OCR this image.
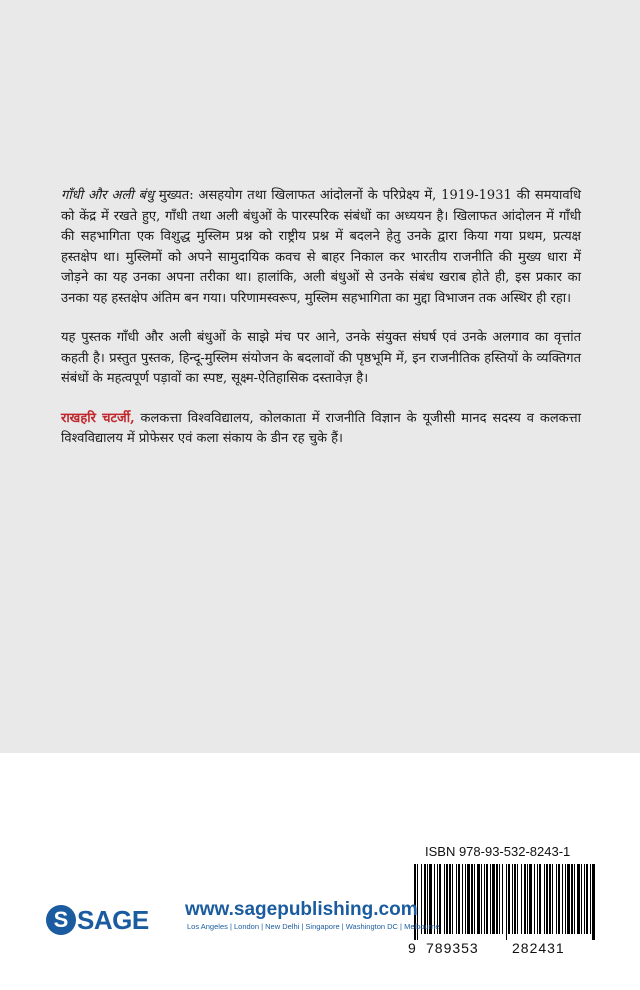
गाँधी और अली बंधु मुख्यत: असहयोग तथा खिलाफत आंदोलनों के परिप्रेक्ष्य में, 1919-1931 की समयावधि को केंद्र में रखते हुए, गाँधी तथा अली बंधुओं के पारस्परिक संबंधों का अध्ययन है। खिलाफत आंदोलन में गाँधी की सहभागिता एक विशुद्ध मुस्लिम प्रश्न को राष्ट्रीय प्रश्न में बदलने हेतु उनके द्वारा किया गया प्रथम, प्रत्यक्ष हस्तक्षेप था। मुस्लिमों को अपने सामुदायिक कवच से बाहर निकाल कर भारतीय राजनीति की मुख्य धारा में जोड़ने का यह उनका अपना तरीका था। हालांकि, अली बंधुओं से उनके संबंध खराब होते ही, इस प्रकार का उनका यह हस्तक्षेप अंतिम बन गया। परिणामस्वरूप, मुस्लिम सहभागिता का मुद्दा विभाजन तक अस्थिर ही रहा।

यह पुस्तक गाँधी और अली बंधुओं के साझे मंच पर आने, उनके संयुक्त संघर्ष एवं उनके अलगाव का वृत्तांत कहती है। प्रस्तुत पुस्तक, हिन्दू-मुस्लिम संयोजन के बदलावों की पृष्ठभूमि में, इन राजनीतिक हस्तियों के व्यक्तिगत संबंधों के महत्वपूर्ण पड़ावों का स्पष्ट, सूक्ष्म-ऐतिहासिक दस्तावेज़ है।

राखहरि चटर्जी, कलकत्ता विश्वविद्यालय, कोलकाता में राजनीति विज्ञान के यूजीसी मानद सदस्य व कलकत्ता विश्वविद्यालय में प्रोफेसर एवं कला संकाय के डीन रह चुके हैं।

ISBN 978-93-532-8243-1
9 789353	282431
S SAGE www.sagepublishing.com
Los Angeles | London | New Delhi | Singapore | Washington DC | Melbourne
